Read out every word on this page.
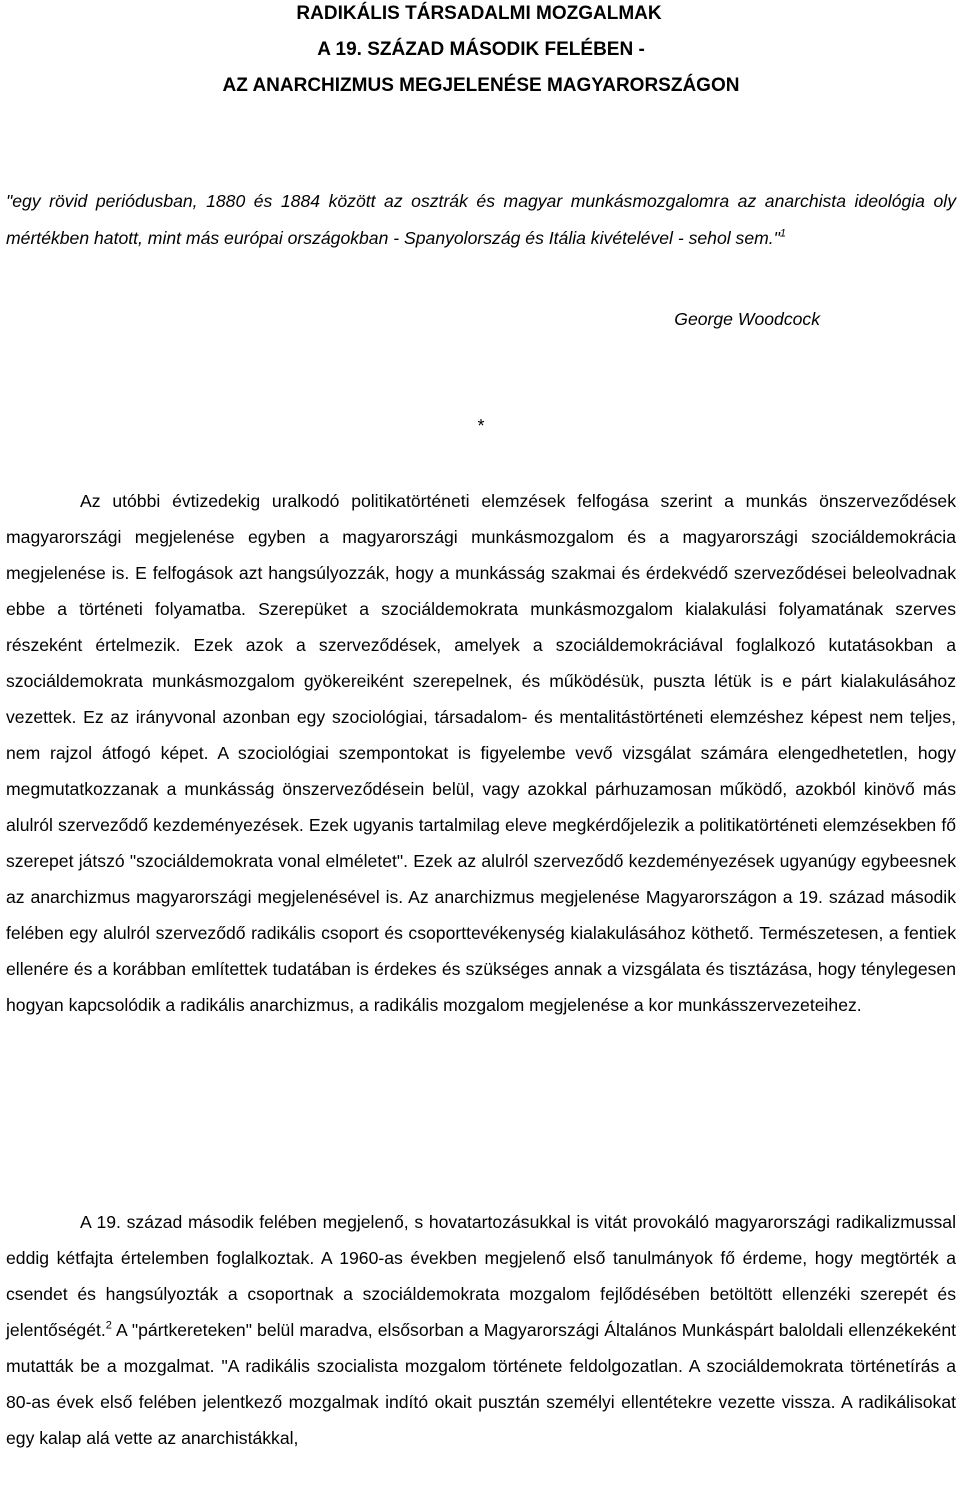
RADIKÁLIS TÁRSADALMI MOZGALMAK
A 19. SZÁZAD MÁSODIK FELÉBEN -
AZ ANARCHIZMUS MEGJELENÉSE MAGYARORSZÁGON
"egy rövid periódusban, 1880 és 1884 között az osztrák és magyar munkásmozgalomra az anarchista ideológia oly mértékben hatott, mint más európai országokban - Spanyolország és Itália kivételével - sehol sem."$^1$
George Woodcock
*

Az utóbbi évtizedekig uralkodó politikatörténeti elemzések felfogása szerint a munkás önszerveződések magyarországi megjelenése egyben a magyarországi munkásmozgalom és a magyarországi szociáldemokrácia megjelenése is. E felfogások azt hangsúlyozzák, hogy a munkásság szakmai és érdekvédő szerveződései beleolvadnak ebbe a történeti folyamatba. Szerepüket a szociáldemokrata munkásmozgalom kialakulási folyamatának szerves részeként értelmezik. Ezek azok a szerveződések, amelyek a szociáldemokráciával foglalkozó kutatásokban a szociáldemokrata munkásmozgalom gyökereiként szerepelnek, és működésük, puszta létük is e párt kialakulásához vezettek. Ez az irányvonal azonban egy szociológiai, társadalom- és mentalitástörténeti elemzéshez képest nem teljes, nem rajzol átfogó képet. A szociológiai szempontokat is figyelembe vevő vizsgálat számára elengedhetetlen, hogy megmutatkozzanak a munkásság önszerveződésein belül, vagy azokkal párhuzamosan működő, azokból kinövő más alulról szerveződő kezdeményezések. Ezek ugyanis tartalmilag eleve megkérdőjelezik a politikatörténeti elemzésekben fő szerepet játszó "szociáldemokrata vonal elméletet". Ezek az alulról szerveződő kezdeményezések ugyanúgy egybeesnek az anarchizmus magyarországi megjelenésével is. Az anarchizmus megjelenése Magyarországon a 19. század második felében egy alulról szerveződő radikális csoport és csoporttevékenység kialakulásához köthető. Természetesen, a fentiek ellenére és a korábban említettek tudatában is érdekes és szükséges annak a vizsgálata és tisztázása, hogy ténylegesen hogyan kapcsolódik a radikális anarchizmus, a radikális mozgalom megjelenése a kor munkásszervezeteihez.

A 19. század második felében megjelenő, s hovatartozásukkal is vitát provokáló magyarországi radikalizmussal eddig kétfajta értelemben foglalkoztak. A 1960-as években megjelenő első tanulmányok fő érdeme, hogy megtörték a csendet és hangsúlyozták a csoportnak a szociáldemokrata mozgalom fejlődésében betöltött ellenzéki szerepét és jelentőségét.$^2$ A "pártkereteken" belül maradva, elsősorban a Magyarországi Általános Munkáspárt baloldali ellenzékeként mutatták be a mozgalmat. "A radikális szocialista mozgalom története feldolgozatlan. A szociáldemokrata történetírás a 80-as évek első felében jelentkező mozgalmak indító okait pusztán személyi ellentétekre vezette vissza. A radikálisokat egy kalap alá vette az anarchistákkal,
